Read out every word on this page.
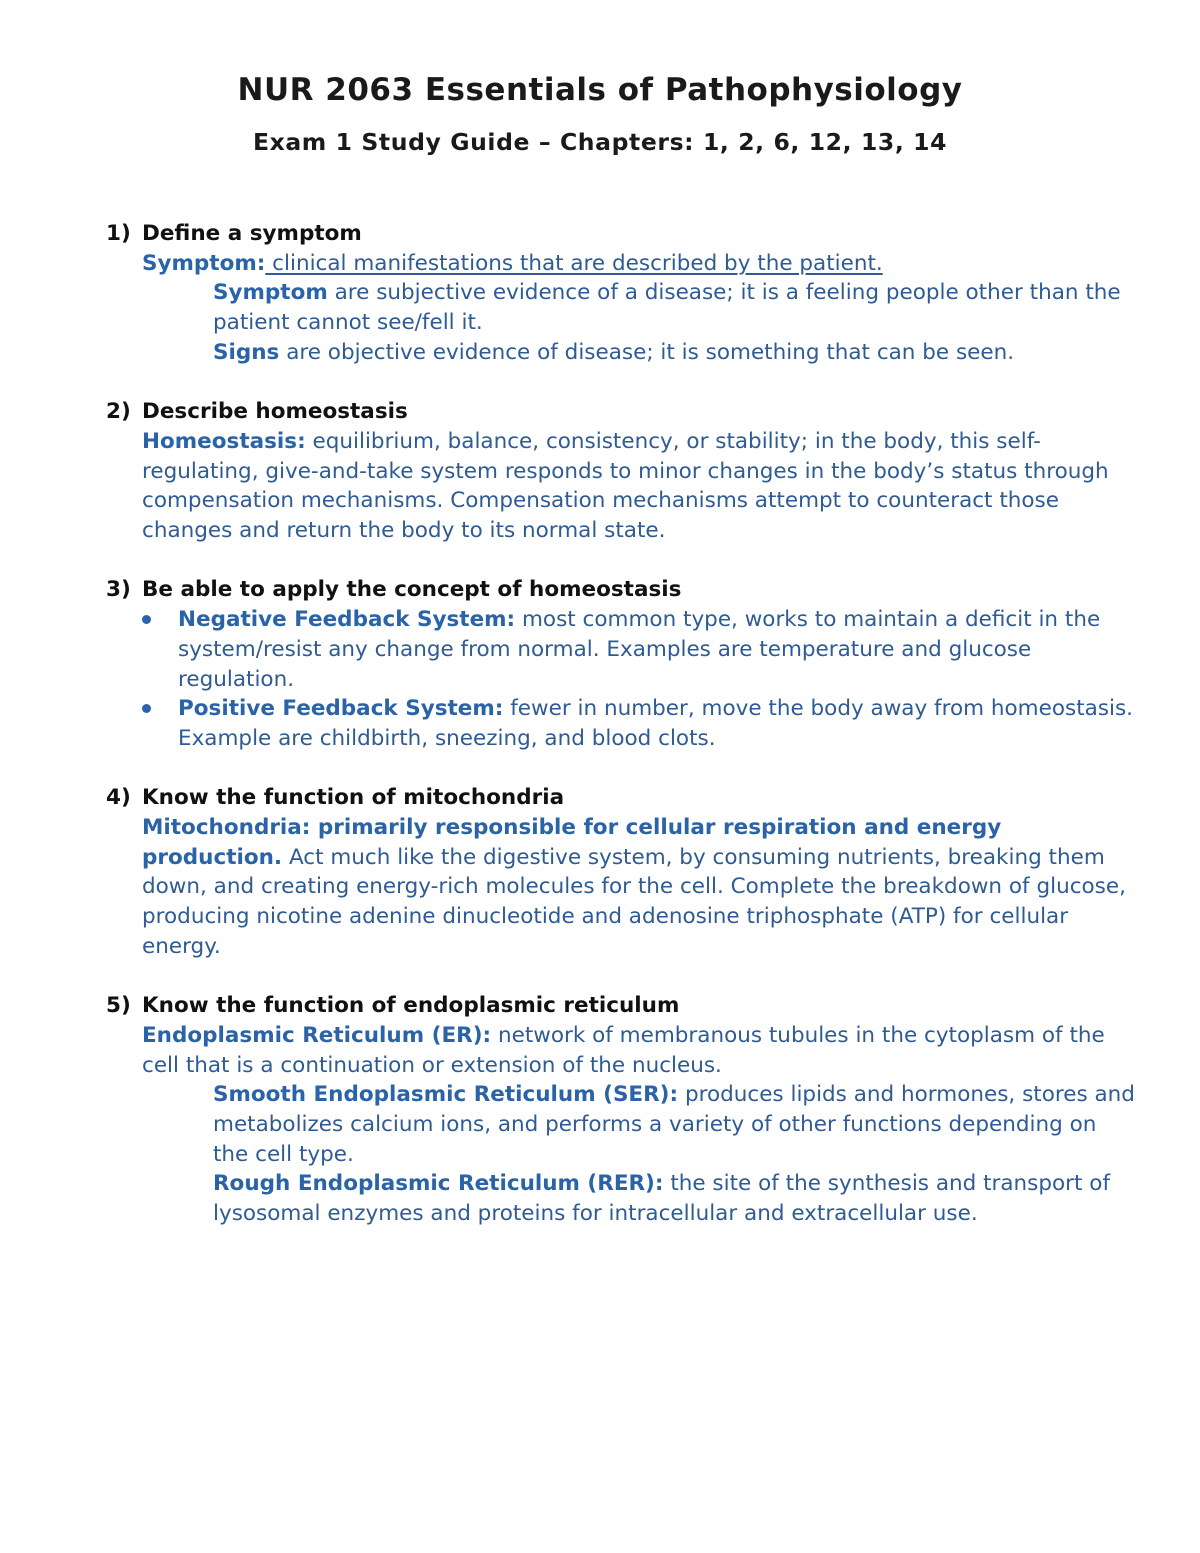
NUR 2063 Essentials of Pathophysiology
Exam 1 Study Guide – Chapters: 1, 2, 6, 12, 13, 14

1) Define a symptom

Symptom: clinical manifestations that are described by the patient.

Symptom are subjective evidence of a disease; it is a feeling people other than the patient cannot see/fell it.

Signs are objective evidence of disease; it is something that can be seen.

2) Describe homeostasis

Homeostasis: equilibrium, balance, consistency, or stability; in the body, this self-regulating, give-and-take system responds to minor changes in the body’s status through compensation mechanisms. Compensation mechanisms attempt to counteract those changes and return the body to its normal state.

3) Be able to apply the concept of homeostasis

Negative Feedback System: most common type, works to maintain a deficit in the system/resist any change from normal. Examples are temperature and glucose regulation.
Positive Feedback System: fewer in number, move the body away from homeostasis. Example are childbirth, sneezing, and blood clots.

4) Know the function of mitochondria

Mitochondria: primarily responsible for cellular respiration and energy production. Act much like the digestive system, by consuming nutrients, breaking them down, and creating energy-rich molecules for the cell. Complete the breakdown of glucose, producing nicotine adenine dinucleotide and adenosine triphosphate (ATP) for cellular energy.

5) Know the function of endoplasmic reticulum

Endoplasmic Reticulum (ER): network of membranous tubules in the cytoplasm of the cell that is a continuation or extension of the nucleus.

Smooth Endoplasmic Reticulum (SER): produces lipids and hormones, stores and metabolizes calcium ions, and performs a variety of other functions depending on the cell type.

Rough Endoplasmic Reticulum (RER): the site of the synthesis and transport of lysosomal enzymes and proteins for intracellular and extracellular use.
